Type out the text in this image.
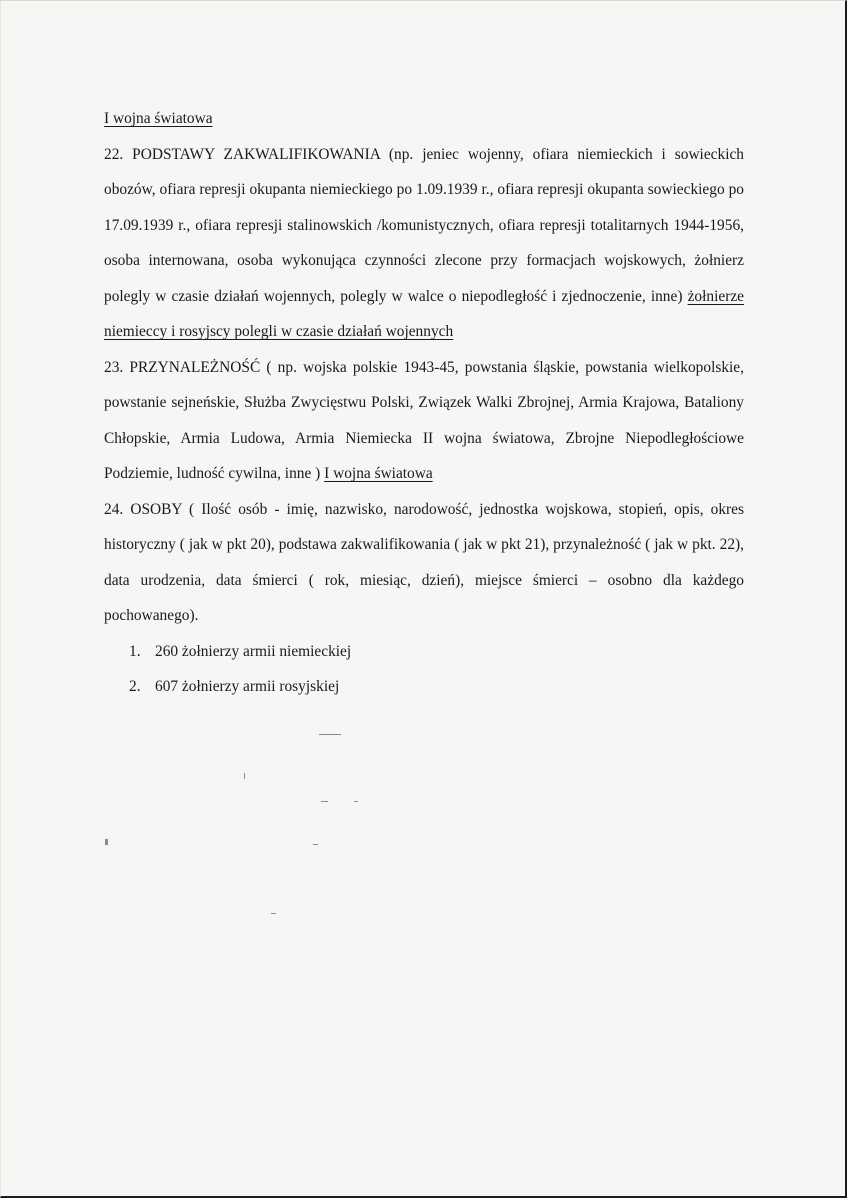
I wojna światowa

22. PODSTAWY ZAKWALIFIKOWANIA (np. jeniec wojenny, ofiara niemieckich i sowieckich obozów, ofiara represji okupanta niemieckiego po 1.09.1939 r., ofiara represji okupanta sowieckiego po 17.09.1939 r., ofiara represji stalinowskich /komunistycznych, ofiara represji totalitarnych 1944-1956, osoba internowana, osoba wykonująca czynności zlecone przy formacjach wojskowych, żołnierz polegly w czasie działań wojennych, polegly w walce o niepodległość i zjednoczenie, inne) żołnierze niemieccy i rosyjscy polegli w czasie działań wojennych

23. PRZYNALEŻNOŚĆ ( np. wojska polskie 1943-45, powstania śląskie, powstania wielkopolskie, powstanie sejneńskie, Służba Zwycięstwu Polski, Związek Walki Zbrojnej, Armia Krajowa, Bataliony Chłopskie, Armia Ludowa, Armia Niemiecka II wojna światowa, Zbrojne Niepodległościowe Podziemie, ludność cywilna, inne ) I wojna światowa

24. OSOBY ( Ilość osób - imię, nazwisko, narodowość, jednostka wojskowa, stopień, opis, okres historyczny ( jak w pkt 20), podstawa zakwalifikowania ( jak w pkt 21), przynależność ( jak w pkt. 22), data urodzenia, data śmierci ( rok, miesiąc, dzień), miejsce śmierci – osobno dla każdego pochowanego).

1. 260 żołnierzy armii niemieckiej
2. 607 żołnierzy armii rosyjskiej
